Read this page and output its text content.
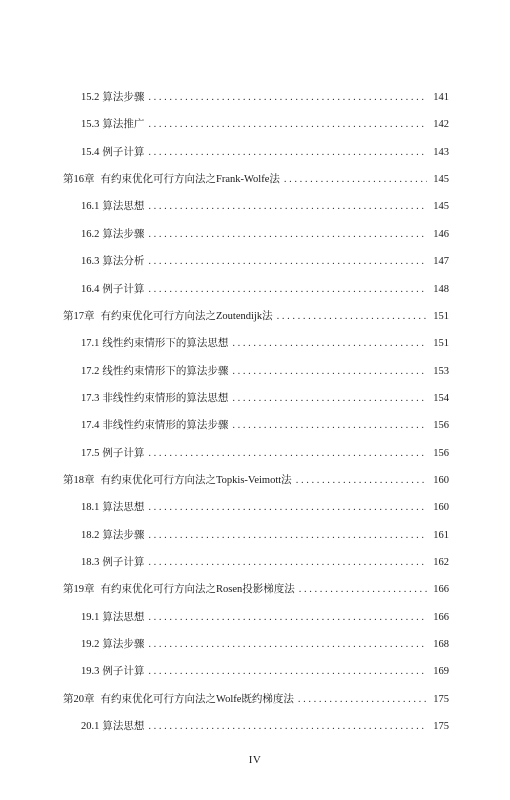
15.2 算法步骤 . . .	141
15.3 算法推广 . . .	142
15.4 例子计算 . . .	143
第16章 有约束优化可行方向法之Frank-Wolfe法 . . .	145
16.1 算法思想 . . .	145
16.2 算法步骤 . . .	146
16.3 算法分析 . . .	147
16.4 例子计算 . . .	148
第17章 有约束优化可行方向法之Zoutendijk法 . . .	151
17.1 线性约束情形下的算法思想 . . .	151
17.2 线性约束情形下的算法步骤 . . .	153
17.3 非线性约束情形的算法思想 . . .	154
17.4 非线性约束情形的算法步骤 . . .	156
17.5 例子计算 . . .	156
第18章 有约束优化可行方向法之Topkis-Veimott法 . . .	160
18.1 算法思想 . . .	160
18.2 算法步骤 . . .	161
18.3 例子计算 . . .	162
第19章 有约束优化可行方向法之Rosen投影梯度法 . . .	166
19.1 算法思想 . . .	166
19.2 算法步骤 . . .	168
19.3 例子计算 . . .	169
第20章 有约束优化可行方向法之Wolfe既约梯度法 . . .	175
20.1 算法思想 . . .	175
IV
